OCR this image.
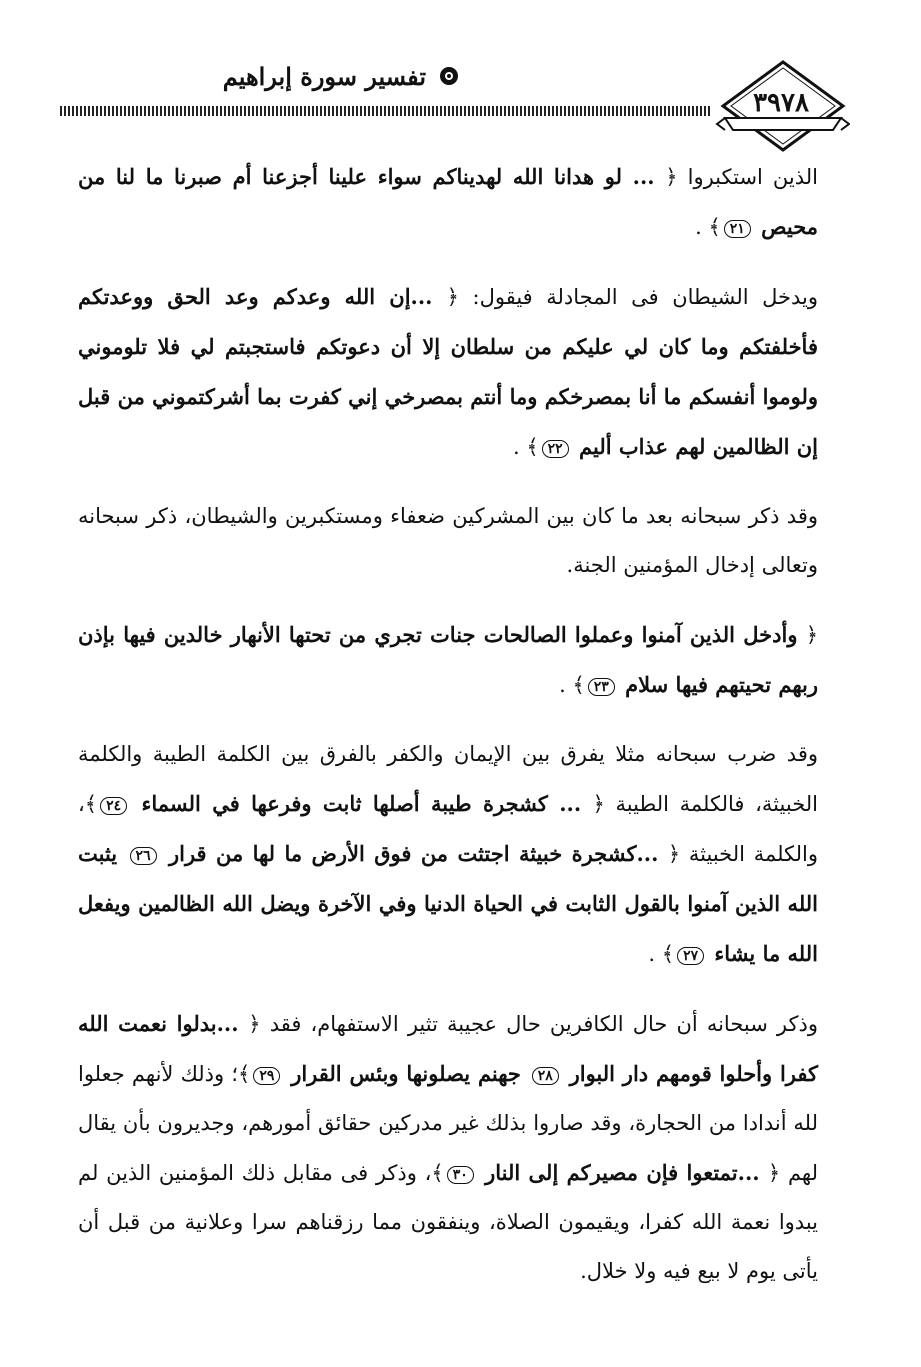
تفسير سورة إبراهيم
٣٩٧٨

الذين استكبروا ﴿ ... لو هدانا الله لهديناكم سواء علينا أجزعنا أم صبرنا ما لنا من محيص ٢١﴾ .

ويدخل الشيطان فى المجادلة فيقول: ﴿ ...إن الله وعدكم وعد الحق ووعدتكم فأخلفتكم وما كان لي عليكم من سلطان إلا أن دعوتكم فاستجبتم لي فلا تلوموني ولوموا أنفسكم ما أنا بمصرخكم وما أنتم بمصرخي إني كفرت بما أشركتموني من قبل إن الظالمين لهم عذاب أليم ٢٢﴾ .

وقد ذكر سبحانه بعد ما كان بين المشركين ضعفاء ومستكبرين والشيطان، ذكر سبحانه وتعالى إدخال المؤمنين الجنة.

﴿ وأدخل الذين آمنوا وعملوا الصالحات جنات تجري من تحتها الأنهار خالدين فيها بإذن ربهم تحيتهم فيها سلام ٢٣﴾ .

وقد ضرب سبحانه مثلا يفرق بين الإيمان والكفر بالفرق بين الكلمة الطيبة والكلمة الخبيثة، فالكلمة الطيبة ﴿ ... كشجرة طيبة أصلها ثابت وفرعها في السماء ٢٤﴾، والكلمة الخبيثة ﴿ ...كشجرة خبيثة اجتثت من فوق الأرض ما لها من قرار ٢٦ يثبت الله الذين آمنوا بالقول الثابت في الحياة الدنيا وفي الآخرة ويضل الله الظالمين ويفعل الله ما يشاء ٢٧﴾ .

وذكر سبحانه أن حال الكافرين حال عجيبة تثير الاستفهام، فقد ﴿ ...بدلوا نعمت الله كفرا وأحلوا قومهم دار البوار ٢٨ جهنم يصلونها وبئس القرار ٢٩﴾؛ وذلك لأنهم جعلوا لله أندادا من الحجارة، وقد صاروا بذلك غير مدركين حقائق أمورهم، وجديرون بأن يقال لهم ﴿ ...تمتعوا فإن مصيركم إلى النار ٣٠﴾، وذكر فى مقابل ذلك المؤمنين الذين لم يبدوا نعمة الله كفرا، ويقيمون الصلاة، وينفقون مما رزقناهم سرا وعلانية من قبل أن يأتى يوم لا بيع فيه ولا خلال.
